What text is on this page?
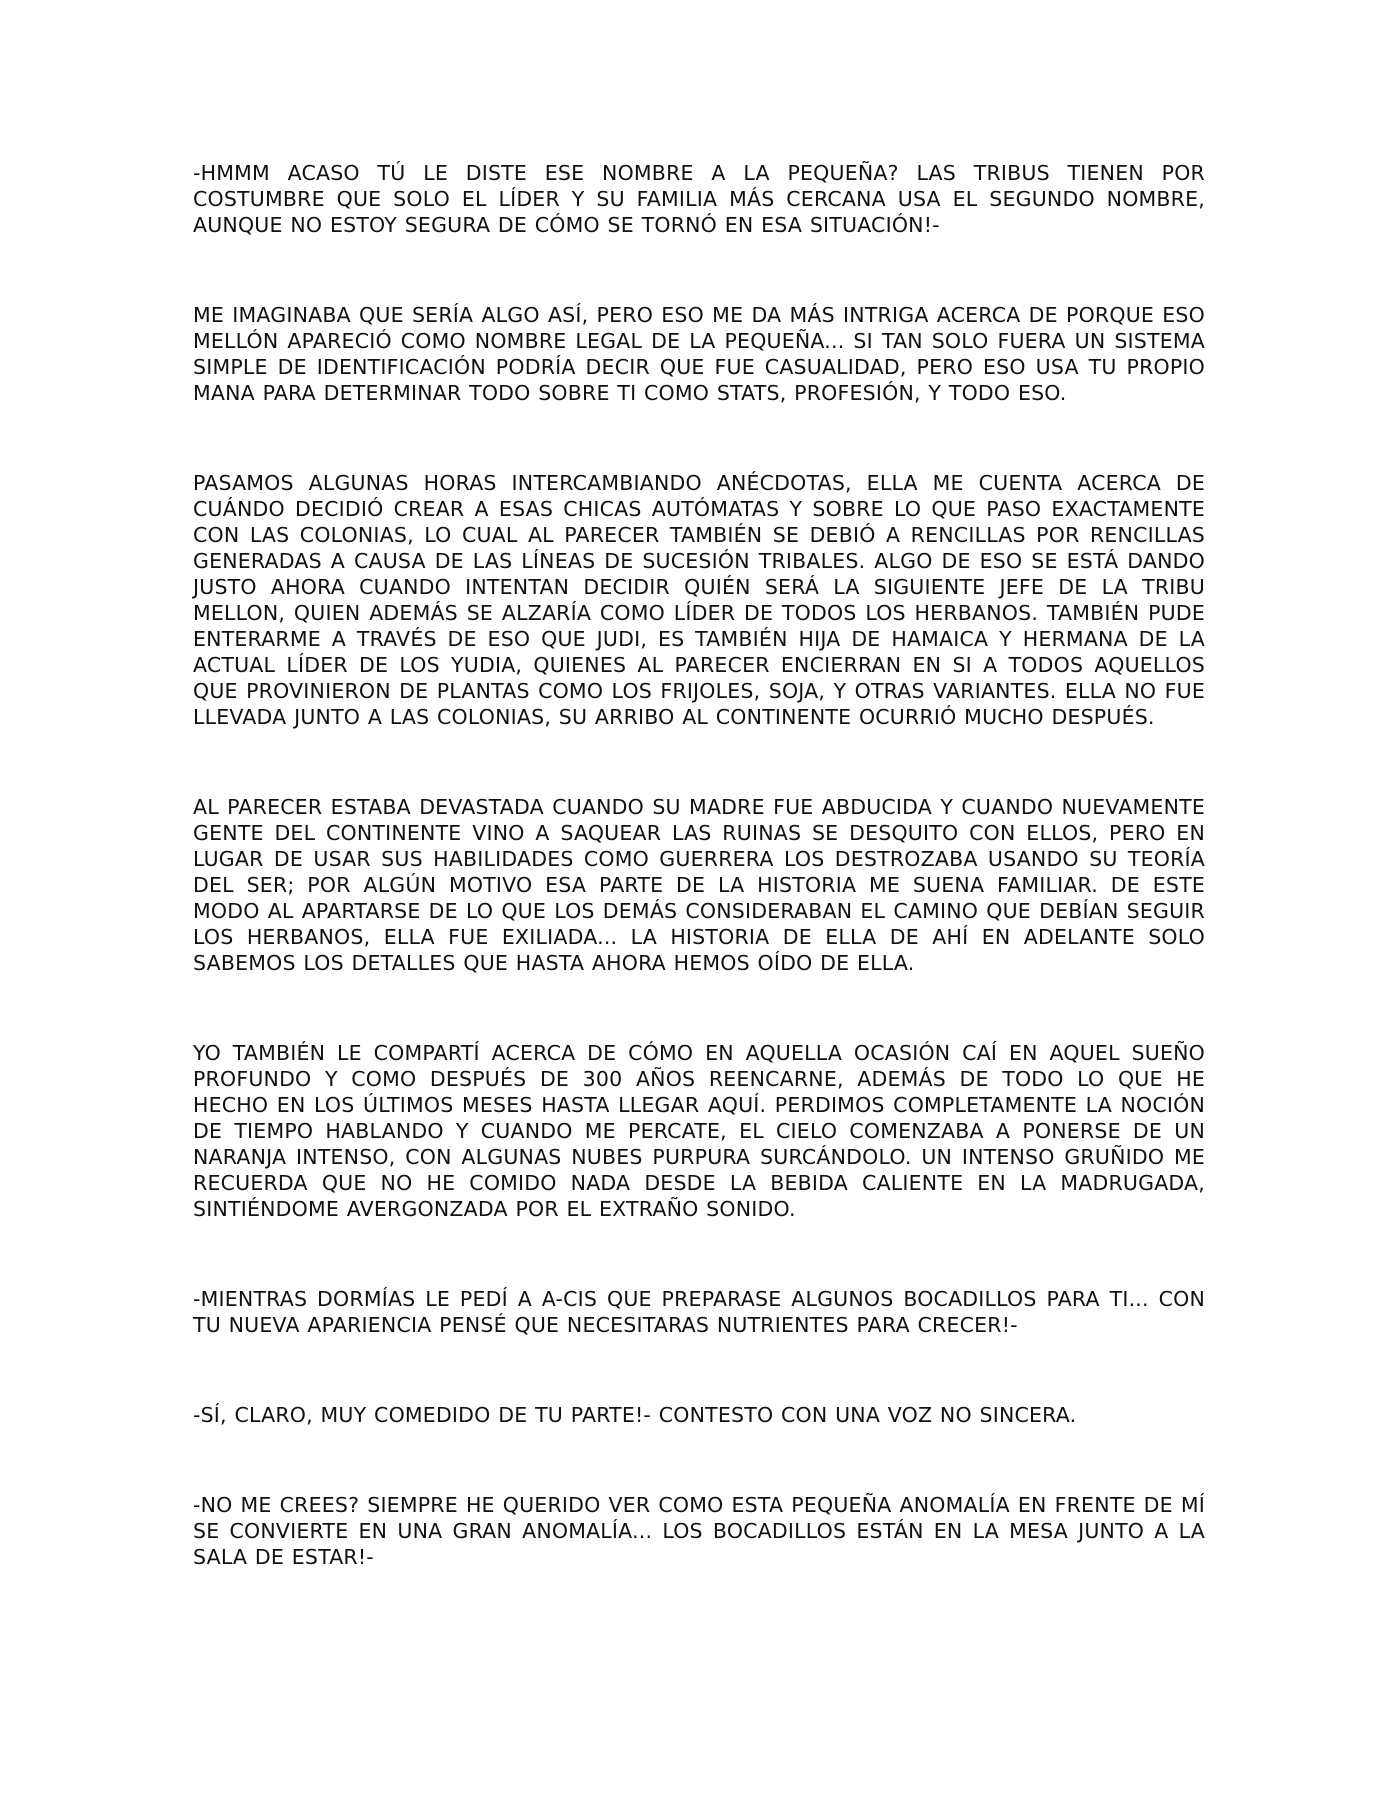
-HMMM ACASO TÚ LE DISTE ESE NOMBRE A LA PEQUEÑA? LAS TRIBUS TIENEN POR COSTUMBRE QUE SOLO EL LÍDER Y SU FAMILIA MÁS CERCANA USA EL SEGUNDO NOMBRE, AUNQUE NO ESTOY SEGURA DE CÓMO SE TORNÓ EN ESA SITUACIÓN!-

ME IMAGINABA QUE SERÍA ALGO ASÍ, PERO ESO ME DA MÁS INTRIGA ACERCA DE PORQUE ESO MELLÓN APARECIÓ COMO NOMBRE LEGAL DE LA PEQUEÑA... SI TAN SOLO FUERA UN SISTEMA SIMPLE DE IDENTIFICACIÓN PODRÍA DECIR QUE FUE CASUALIDAD, PERO ESO USA TU PROPIO MANA PARA DETERMINAR TODO SOBRE TI COMO STATS, PROFESIÓN, Y TODO ESO.

PASAMOS ALGUNAS HORAS INTERCAMBIANDO ANÉCDOTAS, ELLA ME CUENTA ACERCA DE CUÁNDO DECIDIÓ CREAR A ESAS CHICAS AUTÓMATAS Y SOBRE LO QUE PASO EXACTAMENTE CON LAS COLONIAS, LO CUAL AL PARECER TAMBIÉN SE DEBIÓ A RENCILLAS POR RENCILLAS GENERADAS A CAUSA DE LAS LÍNEAS DE SUCESIÓN TRIBALES. ALGO DE ESO SE ESTÁ DANDO JUSTO AHORA CUANDO INTENTAN DECIDIR QUIÉN SERÁ LA SIGUIENTE JEFE DE LA TRIBU MELLON, QUIEN ADEMÁS SE ALZARÍA COMO LÍDER DE TODOS LOS HERBANOS. TAMBIÉN PUDE ENTERARME A TRAVÉS DE ESO QUE JUDI, ES TAMBIÉN HIJA DE HAMAICA Y HERMANA DE LA ACTUAL LÍDER DE LOS YUDIA, QUIENES AL PARECER ENCIERRAN EN SI A TODOS AQUELLOS QUE PROVINIERON DE PLANTAS COMO LOS FRIJOLES, SOJA, Y OTRAS VARIANTES. ELLA NO FUE LLEVADA JUNTO A LAS COLONIAS, SU ARRIBO AL CONTINENTE OCURRIÓ MUCHO DESPUÉS.

AL PARECER ESTABA DEVASTADA CUANDO SU MADRE FUE ABDUCIDA Y CUANDO NUEVAMENTE GENTE DEL CONTINENTE VINO A SAQUEAR LAS RUINAS SE DESQUITO CON ELLOS, PERO EN LUGAR DE USAR SUS HABILIDADES COMO GUERRERA LOS DESTROZABA USANDO SU TEORÍA DEL SER; POR ALGÚN MOTIVO ESA PARTE DE LA HISTORIA ME SUENA FAMILIAR. DE ESTE MODO AL APARTARSE DE LO QUE LOS DEMÁS CONSIDERABAN EL CAMINO QUE DEBÍAN SEGUIR LOS HERBANOS, ELLA FUE EXILIADA... LA HISTORIA DE ELLA DE AHÍ EN ADELANTE SOLO SABEMOS LOS DETALLES QUE HASTA AHORA HEMOS OÍDO DE ELLA.

YO TAMBIÉN LE COMPARTÍ ACERCA DE CÓMO EN AQUELLA OCASIÓN CAÍ EN AQUEL SUEÑO PROFUNDO Y COMO DESPUÉS DE 300 AÑOS REENCARNE, ADEMÁS DE TODO LO QUE HE HECHO EN LOS ÚLTIMOS MESES HASTA LLEGAR AQUÍ. PERDIMOS COMPLETAMENTE LA NOCIÓN DE TIEMPO HABLANDO Y CUANDO ME PERCATE, EL CIELO COMENZABA A PONERSE DE UN NARANJA INTENSO, CON ALGUNAS NUBES PURPURA SURCÁNDOLO. UN INTENSO GRUÑIDO ME RECUERDA QUE NO HE COMIDO NADA DESDE LA BEBIDA CALIENTE EN LA MADRUGADA, SINTIÉNDOME AVERGONZADA POR EL EXTRAÑO SONIDO.

-MIENTRAS DORMÍAS LE PEDÍ A A-CIS QUE PREPARASE ALGUNOS BOCADILLOS PARA TI... CON TU NUEVA APARIENCIA PENSÉ QUE NECESITARAS NUTRIENTES PARA CRECER!-

-SÍ, CLARO, MUY COMEDIDO DE TU PARTE!- CONTESTO CON UNA VOZ NO SINCERA.

-NO ME CREES? SIEMPRE HE QUERIDO VER COMO ESTA PEQUEÑA ANOMALÍA EN FRENTE DE MÍ SE CONVIERTE EN UNA GRAN ANOMALÍA... LOS BOCADILLOS ESTÁN EN LA MESA JUNTO A LA SALA DE ESTAR!-
